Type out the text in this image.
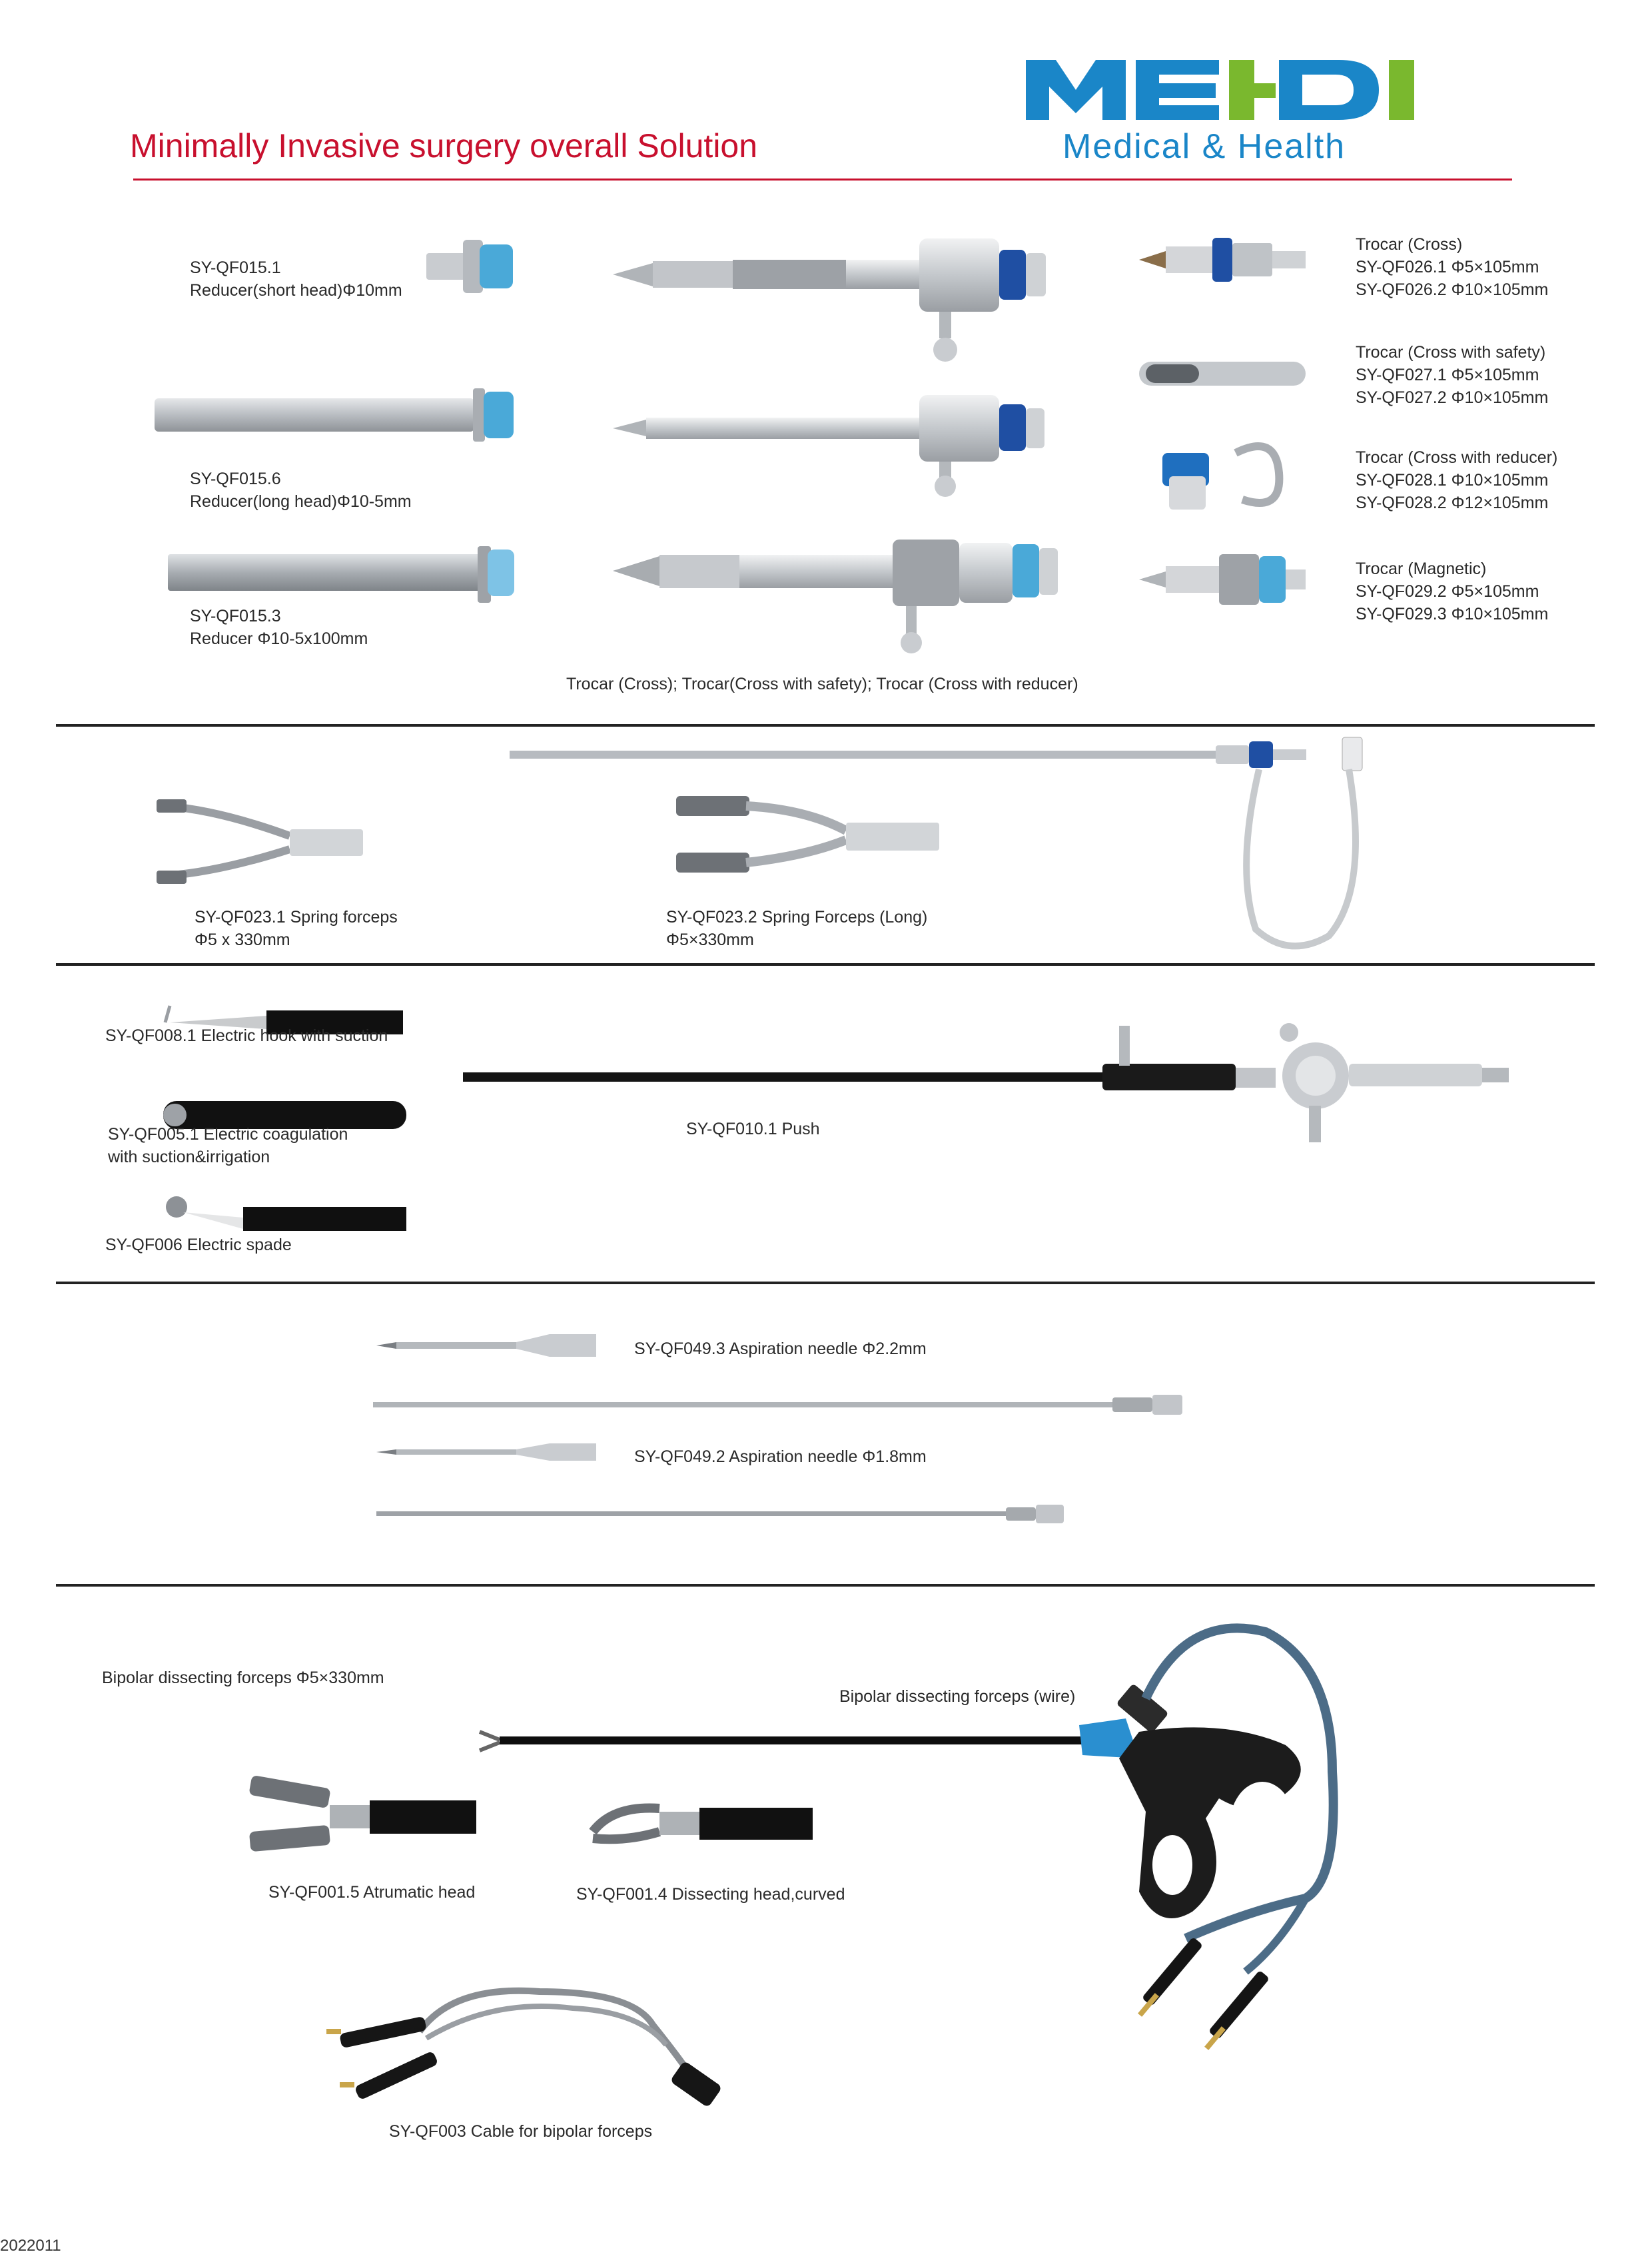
Minimally Invasive surgery overall Solution	Medical & Health
SY-QF015.1
Reducer(short head)Φ10mm
SY-QF015.6
Reducer(long head)Φ10-5mm
SY-QF015.3
Reducer Φ10-5x100mm
Trocar (Cross); Trocar(Cross with safety); Trocar (Cross with reducer)
Trocar (Cross)
SY-QF026.1 Φ5×105mm
SY-QF026.2 Φ10×105mm
Trocar (Cross with safety)
SY-QF027.1 Φ5×105mm
SY-QF027.2 Φ10×105mm
Trocar (Cross with reducer)
SY-QF028.1 Φ10×105mm
SY-QF028.2 Φ12×105mm
Trocar (Magnetic)
SY-QF029.2 Φ5×105mm
SY-QF029.3 Φ10×105mm
SY-QF023.1 Spring forceps
Φ5 x 330mm
SY-QF023.2 Spring Forceps (Long)
Φ5×330mm
SY-QF008.1 Electric hook with suction
SY-QF005.1 Electric coagulation
with suction&irrigation
SY-QF006 Electric spade
SY-QF010.1 Push
SY-QF049.3 Aspiration needle Φ2.2mm
SY-QF049.2 Aspiration needle Φ1.8mm
Bipolar dissecting forceps Φ5×330mm
Bipolar dissecting forceps (wire)
SY-QF001.5 Atrumatic head	SY-QF001.4 Dissecting head,curved
SY-QF003 Cable for bipolar forceps
2022011
